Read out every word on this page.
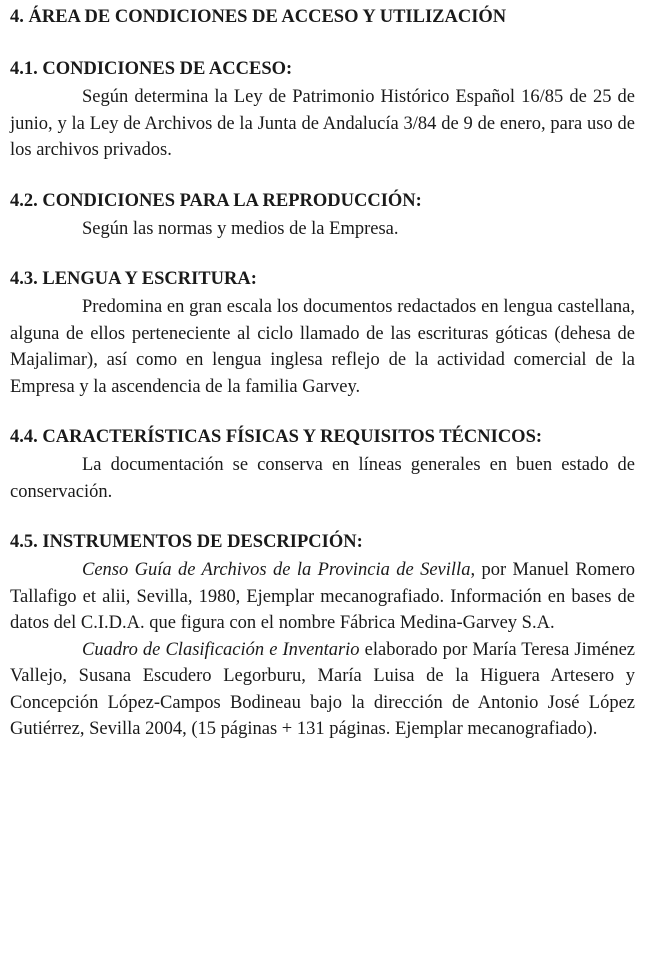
4. ÁREA DE CONDICIONES DE ACCESO Y UTILIZACIÓN
4.1. CONDICIONES DE ACCESO:

Según determina la Ley de Patrimonio Histórico Español 16/85 de 25 de junio, y la Ley de Archivos de la Junta de Andalucía 3/84 de 9 de enero, para uso de los archivos privados.

4.2. CONDICIONES PARA LA REPRODUCCIÓN:

Según las normas y medios de la Empresa.

4.3. LENGUA Y ESCRITURA:

Predomina en gran escala los documentos redactados en lengua castellana, alguna de ellos perteneciente al ciclo llamado de las escrituras góticas (dehesa de Majalimar), así como en lengua inglesa reflejo de la actividad comercial de la Empresa y la ascendencia de la familia Garvey.

4.4. CARACTERÍSTICAS FÍSICAS Y REQUISITOS TÉCNICOS:

La documentación se conserva en líneas generales en buen estado de conservación.

4.5. INSTRUMENTOS DE DESCRIPCIÓN:

Censo Guía de Archivos de la Provincia de Sevilla, por Manuel Romero Tallafigo et alii, Sevilla, 1980, Ejemplar mecanografiado. Información en bases de datos del C.I.D.A. que figura con el nombre Fábrica Medina-Garvey S.A.

Cuadro de Clasificación e Inventario elaborado por María Teresa Jiménez Vallejo, Susana Escudero Legorburu, María Luisa de la Higuera Artesero y Concepción López-Campos Bodineau bajo la dirección de Antonio José López Gutiérrez, Sevilla 2004, (15 páginas + 131 páginas. Ejemplar mecanografiado).
